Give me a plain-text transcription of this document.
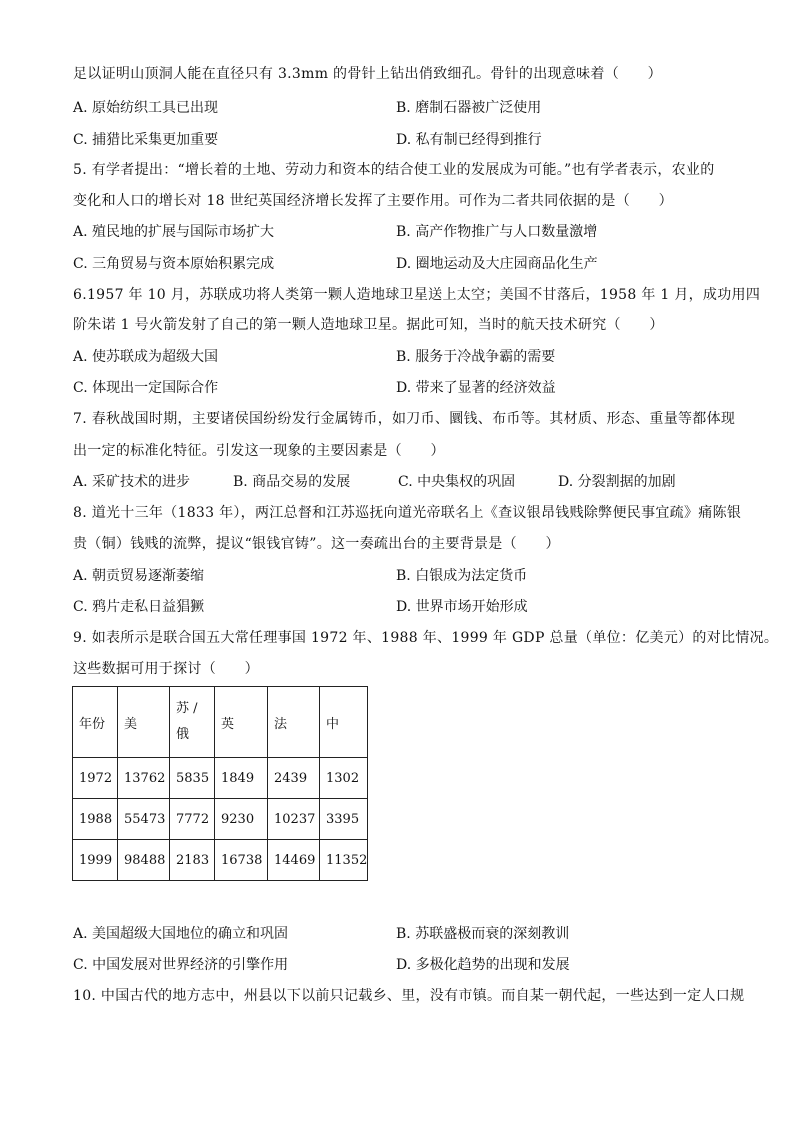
足以证明山顶洞人能在直径只有 3.3mm 的骨针上钻出俏致细孔。骨针的出现意味着（　　）
A. 原始纺织工具已出现	B. 磨制石器被广泛使用
C. 捕猎比采集更加重要	D. 私有制已经得到推行
5. 有学者提出：“增长着的土地、劳动力和资本的结合使工业的发展成为可能。”也有学者表示，农业的
变化和人口的增长对 18 世纪英国经济增长发挥了主要作用。可作为二者共同依据的是（　　）
A. 殖民地的扩展与国际市场扩大	B. 高产作物推广与人口数量激增
C. 三角贸易与资本原始积累完成	D. 圈地运动及大庄园商品化生产
6.1957 年 10 月，苏联成功将人类第一颗人造地球卫星送上太空；美国不甘落后，1958 年 1 月，成功用四
阶朱诺 1 号火箭发射了自己的第一颗人造地球卫星。据此可知，当时的航天技术研究（　　）
A. 使苏联成为超级大国	B. 服务于冷战争霸的需要
C. 体现出一定国际合作	D. 带来了显著的经济效益
7. 春秋战国时期，主要诸侯国纷纷发行金属铸币，如刀币、圜钱、布币等。其材质、形态、重量等都体现
出一定的标准化特征。引发这一现象的主要因素是（　　）
A. 采矿技术的进步	B. 商品交易的发展	C. 中央集权的巩固	D. 分裂割据的加剧
8. 道光十三年（1833 年），两江总督和江苏巡抚向道光帝联名上《查议银昂钱贱除弊便民事宜疏》痛陈银
贵（铜）钱贱的流弊，提议“银钱官铸”。这一奏疏出台的主要背景是（　　）
A. 朝贡贸易逐渐萎缩	B. 白银成为法定货币
C. 鸦片走私日益猖獗	D. 世界市场开始形成
9. 如表所示是联合国五大常任理事国 1972 年、1988 年、1999 年 GDP 总量（单位：亿美元）的对比情况。
这些数据可用于探讨（　　）
年份	美	苏 / 俄	英	法	中
1972	13762	5835	1849	2439	1302
1988	55473	7772	9230	10237	3395
1999	98488	2183	16738	14469	11352
A. 美国超级大国地位的确立和巩固	B. 苏联盛极而衰的深刻教训
C. 中国发展对世界经济的引擎作用	D. 多极化趋势的出现和发展
10. 中国古代的地方志中，州县以下以前只记载乡、里，没有市镇。而自某一朝代起，一些达到一定人口规
